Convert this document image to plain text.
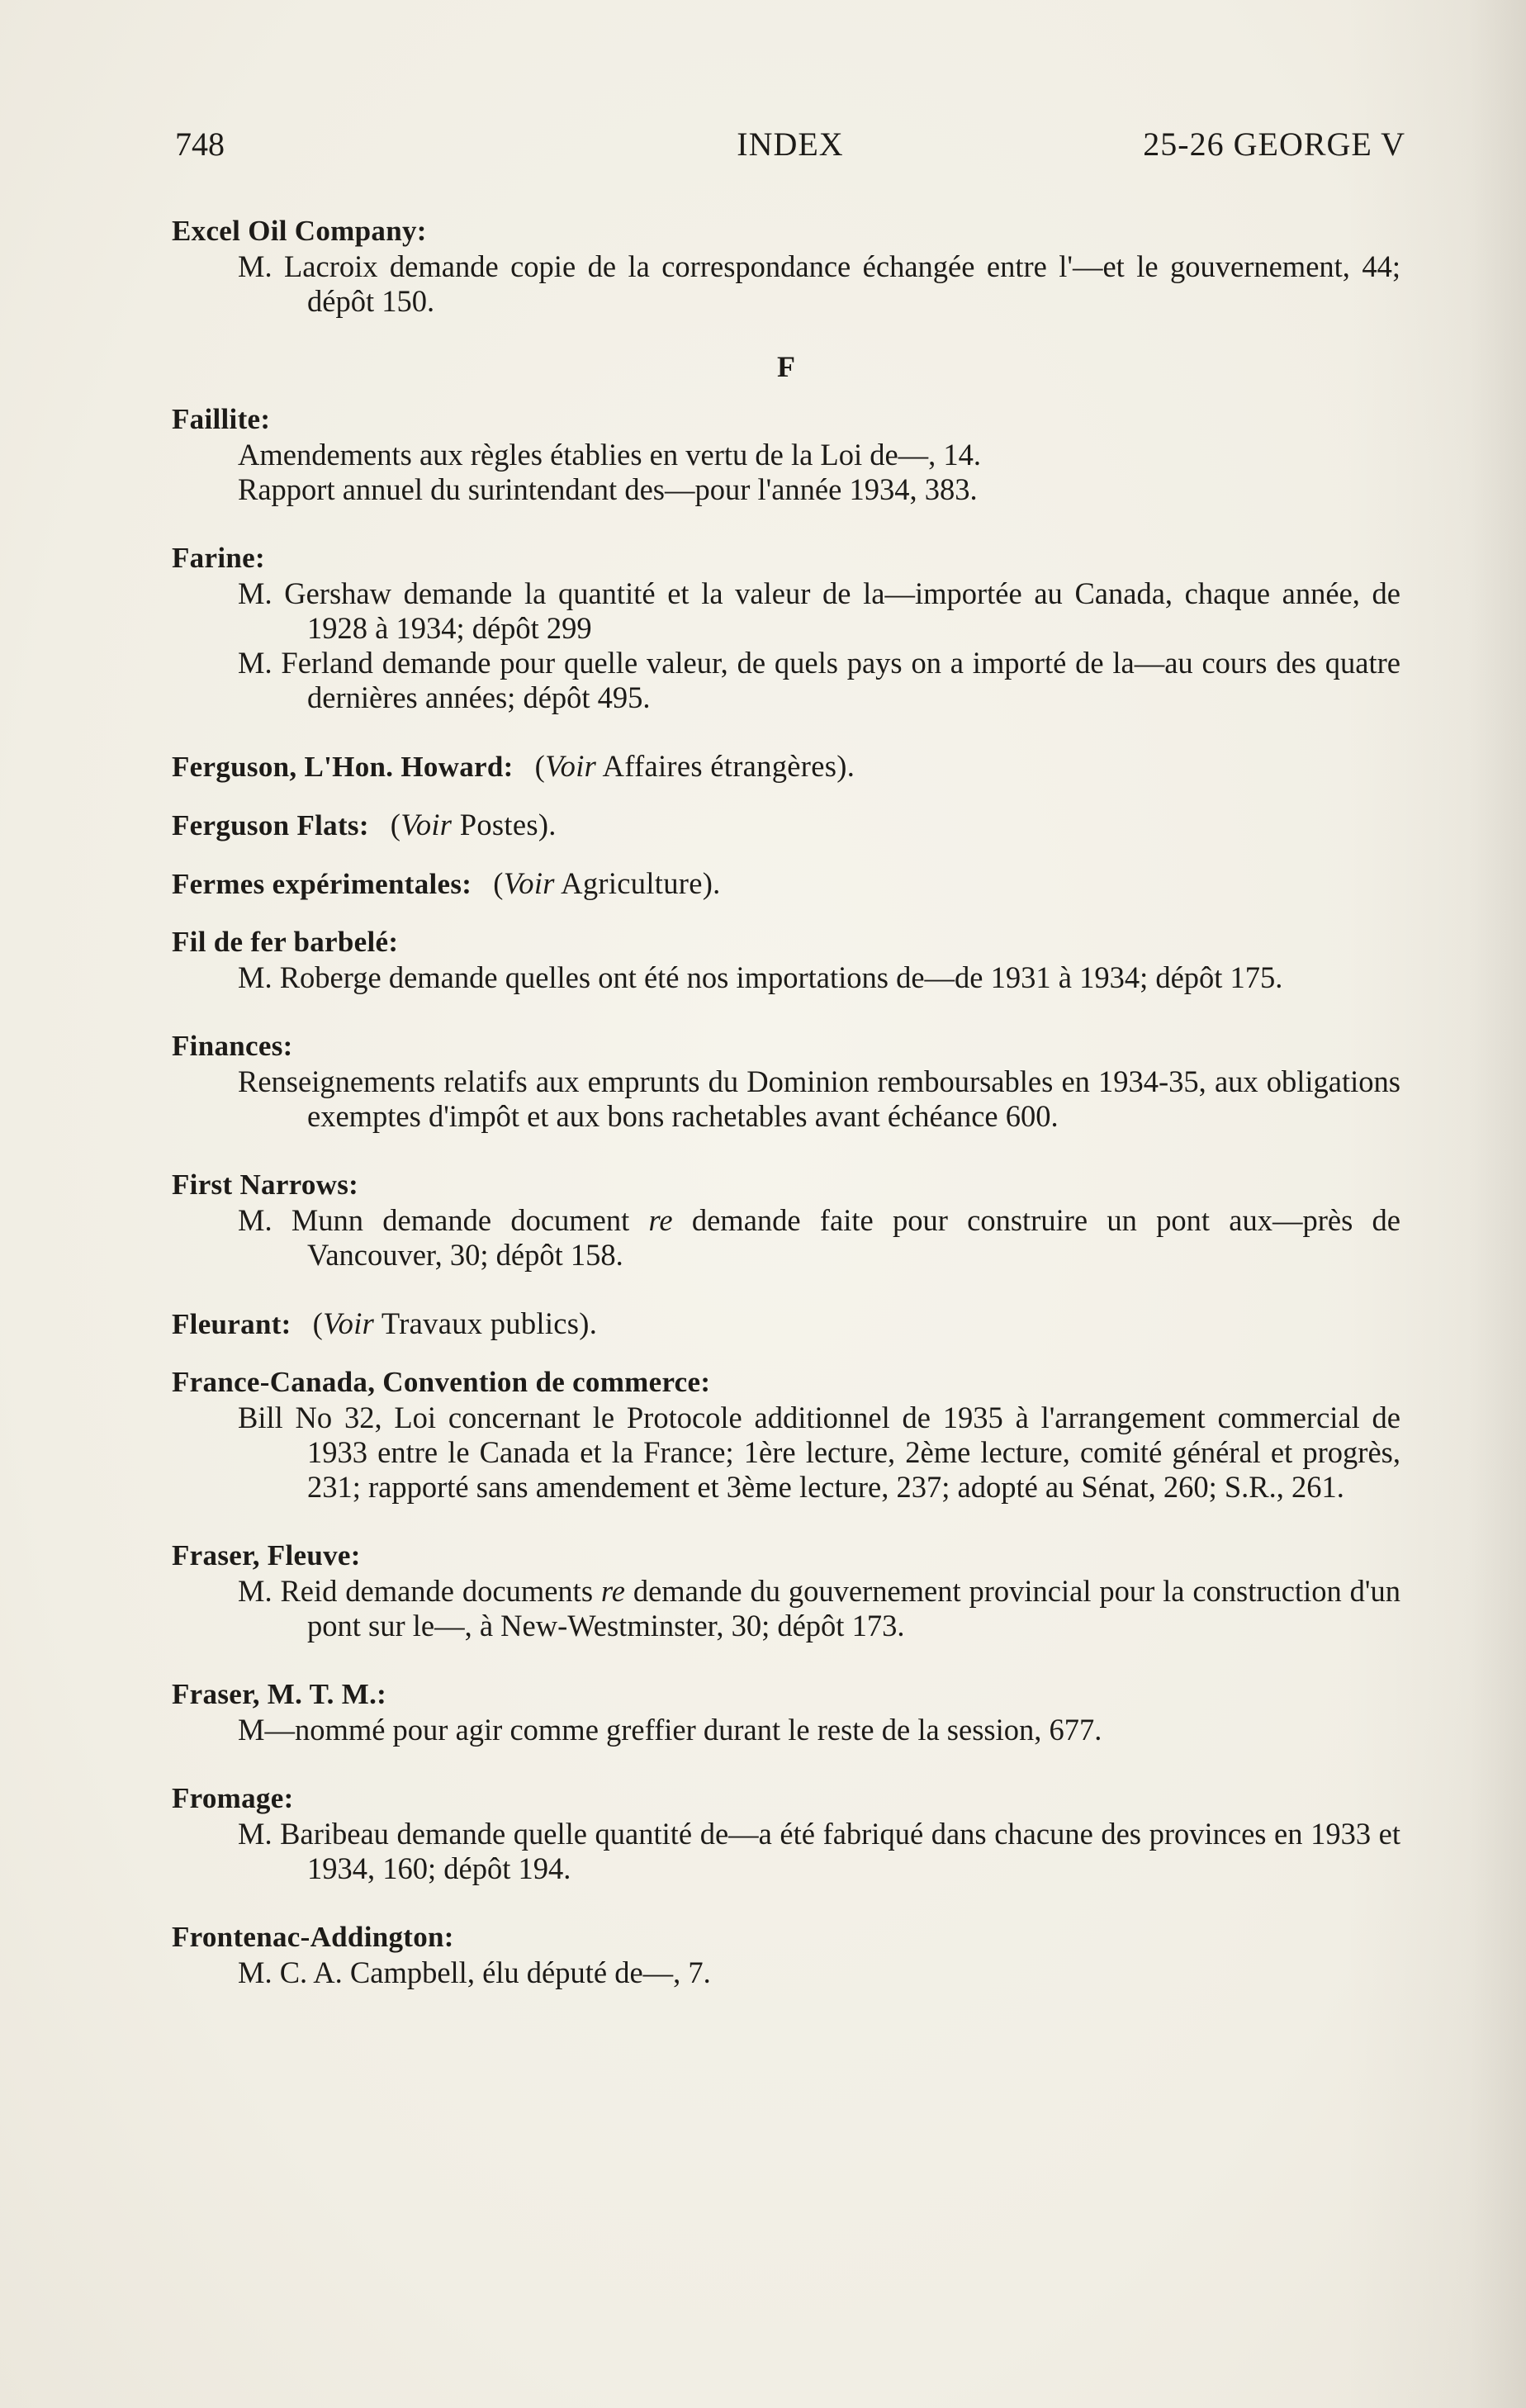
748	INDEX	25-26 GEORGE V
Excel Oil Company:
M. Lacroix demande copie de la correspondance échangée entre l'—et le gouvernement, 44; dépôt 150.
F
Faillite:
Amendements aux règles établies en vertu de la Loi de—, 14.
Rapport annuel du surintendant des—pour l'année 1934, 383.
Farine:
M. Gershaw demande la quantité et la valeur de la—importée au Canada, chaque année, de 1928 à 1934; dépôt 299
M. Ferland demande pour quelle valeur, de quels pays on a importé de la—au cours des quatre dernières années; dépôt 495.
Ferguson, L'Hon. Howard: (Voir Affaires étrangères).
Ferguson Flats: (Voir Postes).
Fermes expérimentales: (Voir Agriculture).
Fil de fer barbelé:
M. Roberge demande quelles ont été nos importations de—de 1931 à 1934; dépôt 175.
Finances:
Renseignements relatifs aux emprunts du Dominion remboursables en 1934-35, aux obligations exemptes d'impôt et aux bons rachetables avant échéance 600.
First Narrows:
M. Munn demande document re demande faite pour construire un pont aux—près de Vancouver, 30; dépôt 158.
Fleurant: (Voir Travaux publics).
France-Canada, Convention de commerce:
Bill No 32, Loi concernant le Protocole additionnel de 1935 à l'arrangement commercial de 1933 entre le Canada et la France; 1ère lecture, 2ème lecture, comité général et progrès, 231; rapporté sans amendement et 3ème lecture, 237; adopté au Sénat, 260; S.R., 261.
Fraser, Fleuve:
M. Reid demande documents re demande du gouvernement provincial pour la construction d'un pont sur le—, à New-Westminster, 30; dépôt 173.
Fraser, M. T. M.:
M—nommé pour agir comme greffier durant le reste de la session, 677.
Fromage:
M. Baribeau demande quelle quantité de—a été fabriqué dans chacune des provinces en 1933 et 1934, 160; dépôt 194.
Frontenac-Addington:
M. C. A. Campbell, élu député de—, 7.
